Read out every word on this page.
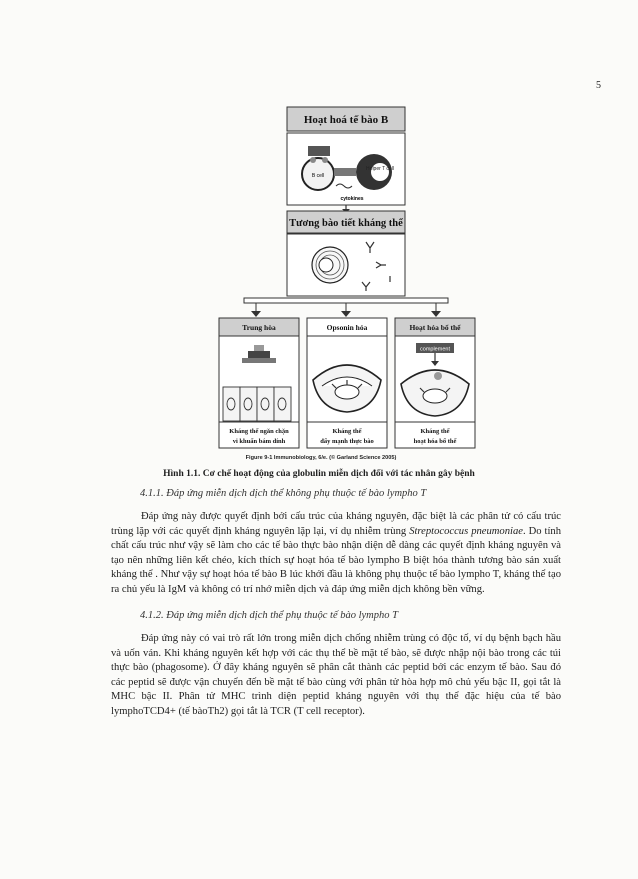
5
Hoạt hoá tế bào B
B cell
Helper T cell
cytokines
Tương bào tiết kháng thể
Trung hòa
Kháng thể ngăn chặn
vi khuẩn bám dính
Opsonin hóa
Kháng thể
đẩy mạnh thực bào
Hoạt hóa bổ thể
complement
Kháng thể
hoạt hóa bổ thể
Figure 9-1 Immunobiology, 6/e. (© Garland Science 2005)
Hình 1.1. Cơ chế hoạt động của globulin miễn dịch đối với tác nhân gây bệnh
4.1.1. Đáp ứng miễn dịch dịch thể không phụ thuộc tế bào lympho T

Đáp ứng này được quyết định bởi cấu trúc của kháng nguyên, đặc biệt là các phân tử có cấu trúc trùng lặp với các quyết định kháng nguyên lặp lại, ví dụ nhiễm trùng Streptococcus pneumoniae. Do tính chất cấu trúc như vậy sẽ làm cho các tế bào thực bào nhận diện dễ dàng các quyết định kháng nguyên và tạo nên những liên kết chéo, kích thích sự hoạt hóa tế bào lympho B biệt hóa thành tương bào sản xuất kháng thể . Như vậy sự hoạt hóa tế bào B lúc khởi đầu là không phụ thuộc tế bào lympho T, kháng thể tạo ra chủ yếu là IgM và không có trí nhớ miễn dịch và đáp ứng miễn dịch không bền vững.

4.1.2. Đáp ứng miễn dịch dịch thể phụ thuộc tế bào lympho T

Đáp ứng này có vai trò rất lớn trong miễn dịch chống nhiễm trùng có độc tố, ví dụ bệnh bạch hầu và uốn ván. Khi kháng nguyên kết hợp với các thụ thể bề mặt tế bào, sẽ được nhập nội bào trong các túi thực bào (phagosome). Ở đây kháng nguyên sẽ phân cắt thành các peptid bởi các enzym tế bào. Sau đó các peptid sẽ được vận chuyển đến bề mặt tế bào cùng với phân tử hòa hợp mô chủ yếu bậc II, gọi tắt là MHC bậc II. Phân tử MHC trình diện peptid kháng nguyên với thụ thể đặc hiệu của tế bào lymphoTCD4+ (tế bàoTh2) gọi tắt là TCR (T cell receptor).
